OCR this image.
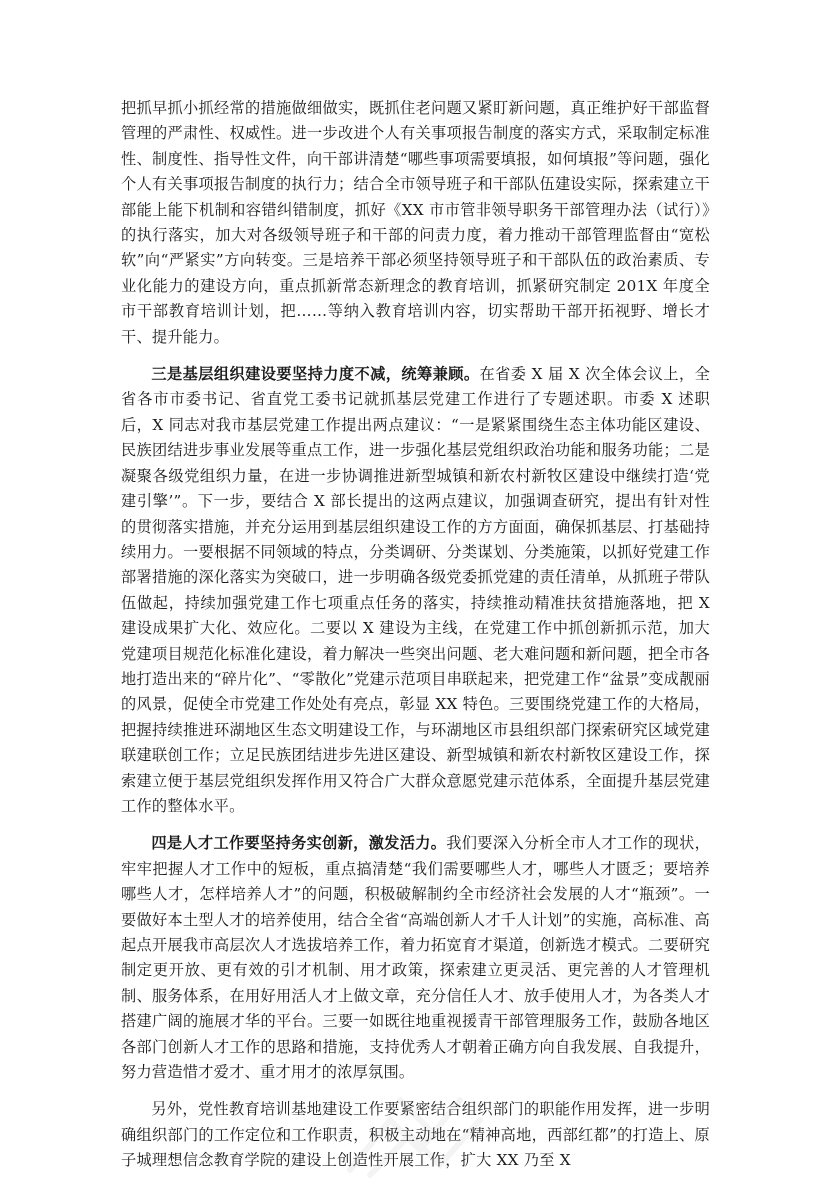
把抓早抓小抓经常的措施做细做实，既抓住老问题又紧盯新问题，真正维护好干部监督管理的严肃性、权威性。进一步改进个人有关事项报告制度的落实方式，采取制定标准性、制度性、指导性文件，向干部讲清楚“哪些事项需要填报，如何填报”等问题，强化个人有关事项报告制度的执行力；结合全市领导班子和干部队伍建设实际，探索建立干部能上能下机制和容错纠错制度，抓好《XX 市市管非领导职务干部管理办法（试行）》的执行落实，加大对各级领导班子和干部的问责力度，着力推动干部管理监督由“宽松软”向“严紧实”方向转变。三是培养干部必须坚持领导班子和干部队伍的政治素质、专业化能力的建设方向，重点抓新常态新理念的教育培训，抓紧研究制定 201X 年度全市干部教育培训计划，把……等纳入教育培训内容，切实帮助干部开拓视野、增长才干、提升能力。

三是基层组织建设要坚持力度不减，统筹兼顾。在省委 X 届 X 次全体会议上，全省各市市委书记、省直党工委书记就抓基层党建工作进行了专题述职。市委 X 述职后，X 同志对我市基层党建工作提出两点建议：“一是紧紧围绕生态主体功能区建设、民族团结进步事业发展等重点工作，进一步强化基层党组织政治功能和服务功能；二是凝聚各级党组织力量，在进一步协调推进新型城镇和新农村新牧区建设中继续打造‘党建引擎’”。下一步，要结合 X 部长提出的这两点建议，加强调查研究，提出有针对性的贯彻落实措施，并充分运用到基层组织建设工作的方方面面，确保抓基层、打基础持续用力。一要根据不同领域的特点，分类调研、分类谋划、分类施策，以抓好党建工作部署措施的深化落实为突破口，进一步明确各级党委抓党建的责任清单，从抓班子带队伍做起，持续加强党建工作七项重点任务的落实，持续推动精准扶贫措施落地，把 X 建设成果扩大化、效应化。二要以 X 建设为主线，在党建工作中抓创新抓示范，加大党建项目规范化标准化建设，着力解决一些突出问题、老大难问题和新问题，把全市各地打造出来的“碎片化”、“零散化”党建示范项目串联起来，把党建工作“盆景”变成靓丽的风景，促使全市党建工作处处有亮点，彰显 XX 特色。三要围绕党建工作的大格局，把握持续推进环湖地区生态文明建设工作，与环湖地区市县组织部门探索研究区域党建联建联创工作；立足民族团结进步先进区建设、新型城镇和新农村新牧区建设工作，探索建立便于基层党组织发挥作用又符合广大群众意愿党建示范体系，全面提升基层党建工作的整体水平。

四是人才工作要坚持务实创新，激发活力。我们要深入分析全市人才工作的现状，牢牢把握人才工作中的短板，重点搞清楚“我们需要哪些人才，哪些人才匮乏；要培养哪些人才，怎样培养人才”的问题，积极破解制约全市经济社会发展的人才“瓶颈”。一要做好本土型人才的培养使用，结合全省“高端创新人才千人计划”的实施，高标准、高起点开展我市高层次人才选拔培养工作，着力拓宽育才渠道，创新选才模式。二要研究制定更开放、更有效的引才机制、用才政策，探索建立更灵活、更完善的人才管理机制、服务体系，在用好用活人才上做文章，充分信任人才、放手使用人才，为各类人才搭建广阔的施展才华的平台。三要一如既往地重视援青干部管理服务工作，鼓励各地区各部门创新人才工作的思路和措施，支持优秀人才朝着正确方向自我发展、自我提升，努力营造惜才爱才、重才用才的浓厚氛围。

另外，党性教育培训基地建设工作要紧密结合组织部门的职能作用发挥，进一步明确组织部门的工作定位和工作职责，积极主动地在“精神高地，西部红都”的打造上、原子城理想信念教育学院的建设上创造性开展工作，扩大 XX 乃至 X
